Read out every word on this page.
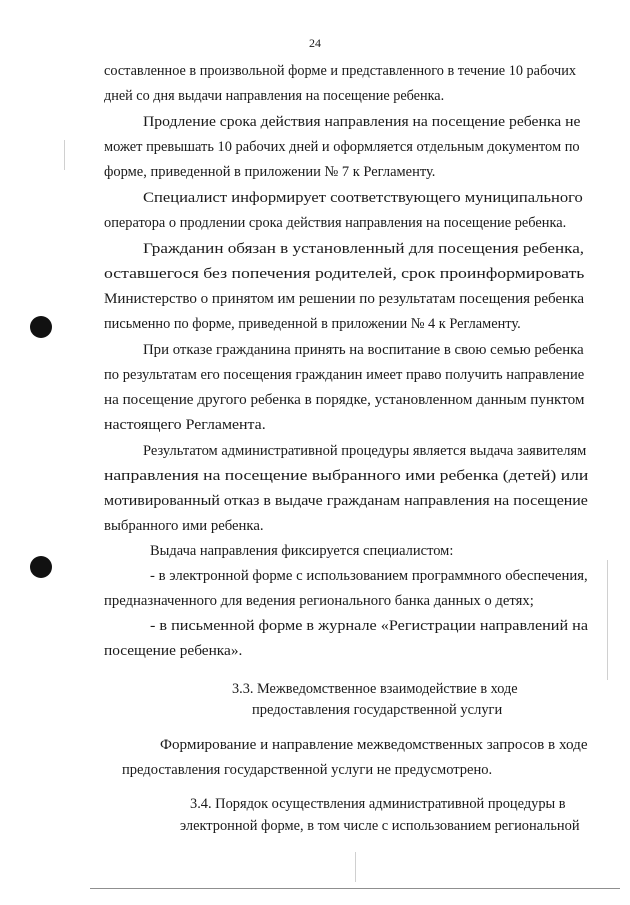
24
составленное в произвольной форме и представленного в течение 10 рабочих
дней со дня выдачи направления на посещение ребенка.
Продление срока действия направления на посещение ребенка не
может превышать 10 рабочих дней и оформляется отдельным документом по
форме, приведенной в приложении № 7 к Регламенту.
Специалист информирует соответствующего муниципального
оператора о продлении срока действия направления на посещение ребенка.
Гражданин обязан в установленный для посещения ребенка,
оставшегося без попечения родителей, срок проинформировать
Министерство о принятом им решении по результатам посещения ребенка
письменно по форме, приведенной в приложении № 4 к Регламенту.
При отказе гражданина принять на воспитание в свою семью ребенка
по результатам его посещения гражданин имеет право получить направление
на посещение другого ребенка в порядке, установленном данным пунктом
настоящего Регламента.
Результатом административной процедуры является выдача заявителям
направления на посещение выбранного ими ребенка (детей) или
мотивированный отказ в выдаче гражданам направления на посещение
выбранного ими ребенка.
Выдача направления фиксируется специалистом:
- в электронной форме с использованием программного обеспечения,
предназначенного для ведения регионального банка данных о детях;
- в письменной форме в журнале «Регистрации направлений на
посещение ребенка».
3.3. Межведомственное взаимодействие в ходе
предоставления государственной услуги
Формирование и направление межведомственных запросов в ходе
предоставления государственной услуги не предусмотрено.
3.4. Порядок осуществления административной процедуры в
электронной форме, в том числе с использованием региональной
